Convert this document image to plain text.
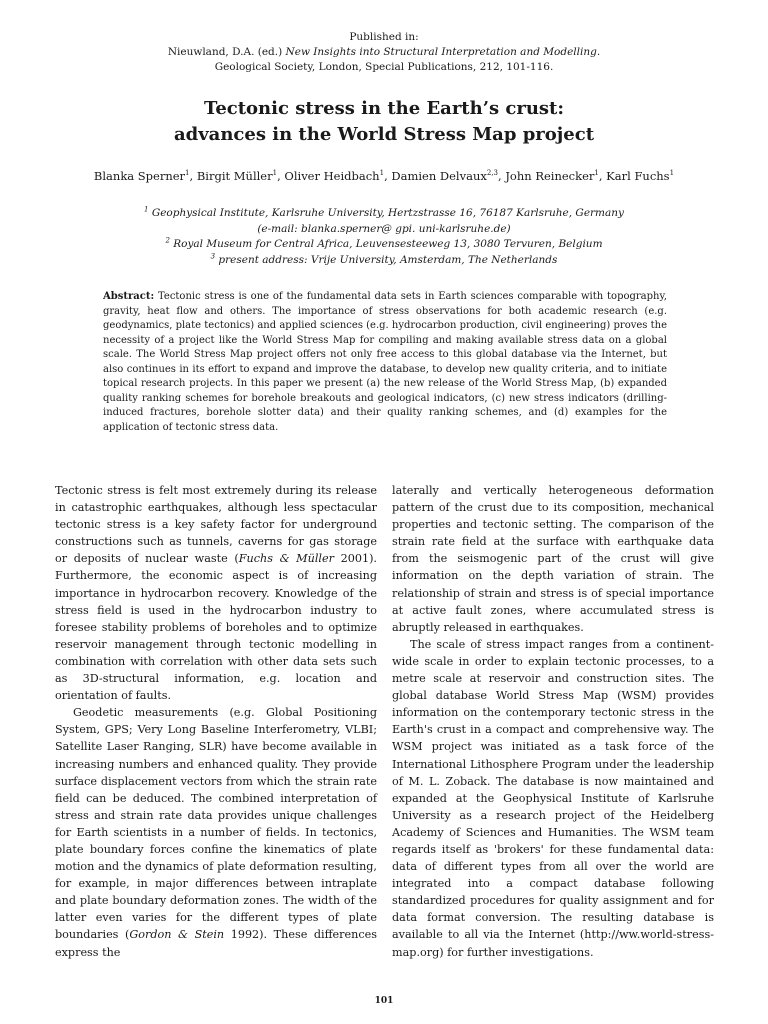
Published in:
Nieuwland, D.A. (ed.) New Insights into Structural Interpretation and Modelling.
Geological Society, London, Special Publications, 212, 101-116.
Tectonic stress in the Earth’s crust:
advances in the World Stress Map project
Blanka Sperner$^1$, Birgit Müller$^1$, Oliver Heidbach$^1$, Damien Delvaux$^{2,3}$, John Reinecker$^1$, Karl Fuchs$^1$
$^1$ Geophysical Institute, Karlsruhe University, Hertzstrasse 16, 76187 Karlsruhe, Germany
(e-mail: blanka.sperner@ gpi. uni-karlsruhe.de)
$^2$ Royal Museum for Central Africa, Leuvensesteeweg 13, 3080 Tervuren, Belgium
$^3$ present address: Vrije University, Amsterdam, The Netherlands
Abstract: Tectonic stress is one of the fundamental data sets in Earth sciences comparable with topography, gravity, heat flow and others. The importance of stress observations for both academic research (e.g. geodynamics, plate tectonics) and applied sciences (e.g. hydrocarbon production, civil engineering) proves the necessity of a project like the World Stress Map for compiling and making available stress data on a global scale. The World Stress Map project offers not only free access to this global database via the Internet, but also continues in its effort to expand and improve the database, to develop new quality criteria, and to initiate topical research projects. In this paper we present (a) the new release of the World Stress Map, (b) expanded quality ranking schemes for borehole breakouts and geological indicators, (c) new stress indicators (drilling-induced fractures, borehole slotter data) and their quality ranking schemes, and (d) examples for the application of tectonic stress data.

Tectonic stress is felt most extremely during its release in catastrophic earthquakes, although less spectacular tectonic stress is a key safety factor for underground constructions such as tunnels, caverns for gas storage or deposits of nuclear waste (Fuchs & Müller 2001). Furthermore, the economic aspect is of increasing importance in hydrocarbon recovery. Knowledge of the stress field is used in the hydrocarbon industry to foresee stability problems of boreholes and to optimize reservoir management through tectonic modelling in combination with correlation with other data sets such as 3D-structural information, e.g. location and orientation of faults.

Geodetic measurements (e.g. Global Positioning System, GPS; Very Long Baseline Interferometry, VLBI; Satellite Laser Ranging, SLR) have become available in increasing numbers and enhanced quality. They provide surface displacement vectors from which the strain rate field can be deduced. The combined interpretation of stress and strain rate data provides unique challenges for Earth scientists in a number of fields. In tectonics, plate boundary forces confine the kinematics of plate motion and the dynamics of plate deformation resulting, for example, in major differences between intraplate and plate boundary deformation zones. The width of the latter even varies for the different types of plate boundaries (Gordon & Stein 1992). These differences express the

laterally and vertically heterogeneous deformation pattern of the crust due to its composition, mechanical properties and tectonic setting. The comparison of the strain rate field at the surface with earthquake data from the seismogenic part of the crust will give information on the depth variation of strain. The relationship of strain and stress is of special importance at active fault zones, where accumulated stress is abruptly released in earthquakes.

The scale of stress impact ranges from a continent-wide scale in order to explain tectonic processes, to a metre scale at reservoir and construction sites. The global database World Stress Map (WSM) provides information on the contemporary tectonic stress in the Earth's crust in a compact and comprehensive way. The WSM project was initiated as a task force of the International Lithosphere Program under the leadership of M. L. Zoback. The database is now maintained and expanded at the Geophysical Institute of Karlsruhe University as a research project of the Heidelberg Academy of Sciences and Humanities. The WSM team regards itself as 'brokers' for these fundamental data: data of different types from all over the world are integrated into a compact database following standardized procedures for quality assignment and for data format conversion. The resulting database is available to all via the Internet (http://ww.world-stress-map.org) for further investigations.

101
